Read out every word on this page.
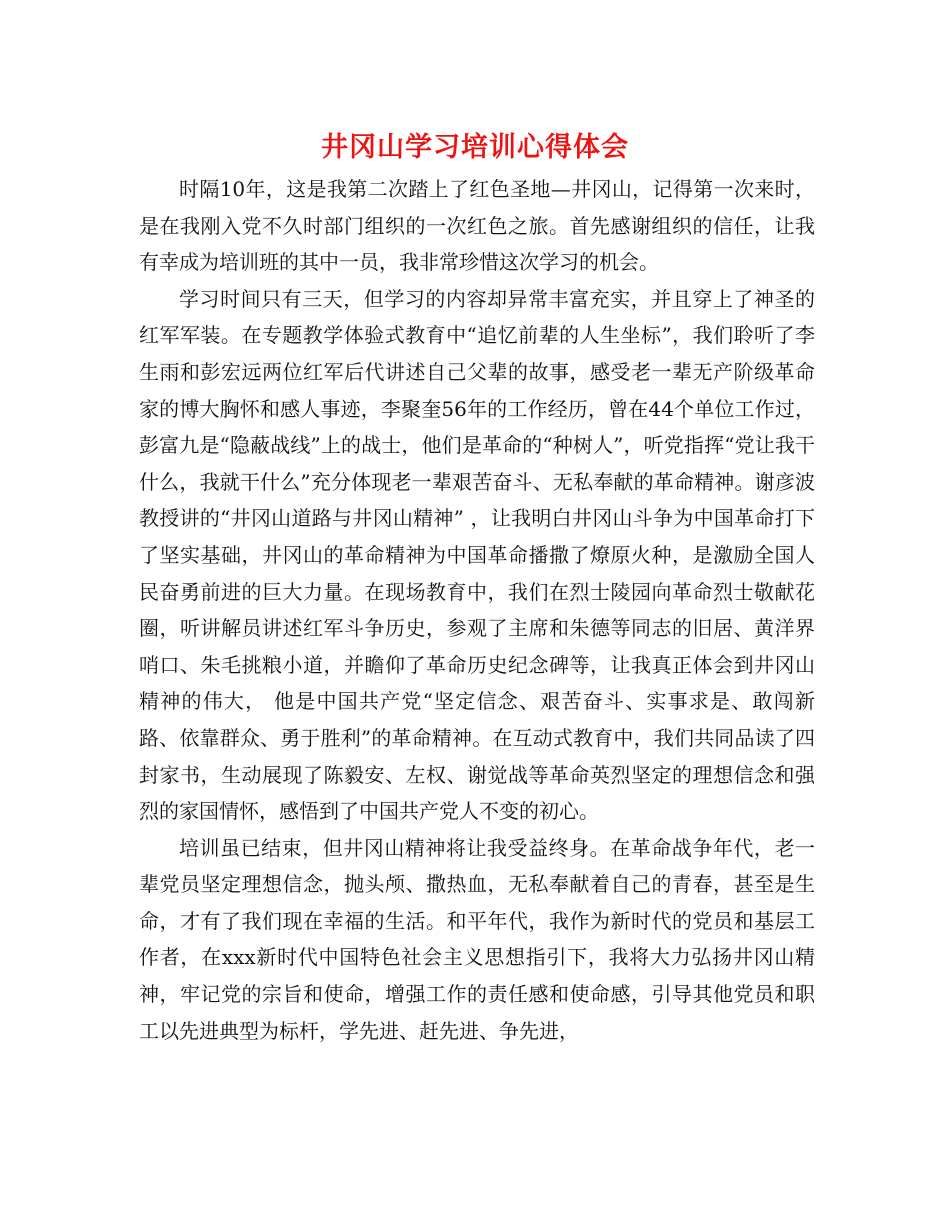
井冈山学习培训心得体会

时隔10年，这是我第二次踏上了红色圣地—井冈山，记得第一次来时，是在我刚入党不久时部门组织的一次红色之旅。首先感谢组织的信任，让我有幸成为培训班的其中一员，我非常珍惜这次学习的机会。

学习时间只有三天，但学习的内容却异常丰富充实，并且穿上了神圣的红军军装。在专题教学体验式教育中“追忆前辈的人生坐标”，我们聆听了李生雨和彭宏远两位红军后代讲述自己父辈的故事，感受老一辈无产阶级革命家的博大胸怀和感人事迹，李聚奎56年的工作经历，曾在44个单位工作过，彭富九是“隐蔽战线”上的战士，他们是革命的“种树人”，听党指挥“党让我干什么，我就干什么”充分体现老一辈艰苦奋斗、无私奉献的革命精神。谢彦波教授讲的“井冈山道路与井冈山精神” ，让我明白井冈山斗争为中国革命打下了坚实基础，井冈山的革命精神为中国革命播撒了燎原火种，是激励全国人民奋勇前进的巨大力量。在现场教育中，我们在烈士陵园向革命烈士敬献花圈，听讲解员讲述红军斗争历史，参观了主席和朱德等同志的旧居、黄洋界哨口、朱毛挑粮小道，并瞻仰了革命历史纪念碑等，让我真正体会到井冈山精神的伟大， 他是中国共产党“坚定信念、艰苦奋斗、实事求是、敢闯新路、依靠群众、勇于胜利”的革命精神。在互动式教育中，我们共同品读了四封家书，生动展现了陈毅安、左权、谢觉战等革命英烈坚定的理想信念和强烈的家国情怀，感悟到了中国共产党人不变的初心。

培训虽已结束，但井冈山精神将让我受益终身。在革命战争年代，老一辈党员坚定理想信念，抛头颅、撒热血，无私奉献着自己的青春，甚至是生命，才有了我们现在幸福的生活。和平年代，我作为新时代的党员和基层工作者，在xxx新时代中国特色社会主义思想指引下，我将大力弘扬井冈山精神，牢记党的宗旨和使命，增强工作的责任感和使命感，引导其他党员和职工以先进典型为标杆，学先进、赶先进、争先进，
